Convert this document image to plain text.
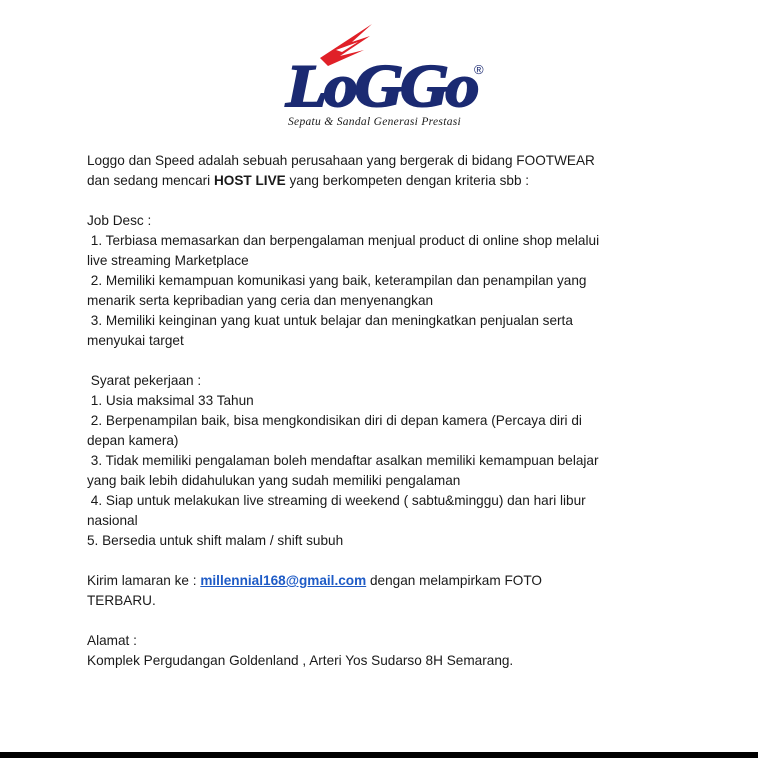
LoGGo
®
Sepatu & Sandal Generasi Prestasi
Loggo dan Speed adalah sebuah perusahaan yang bergerak di bidang FOOTWEAR
dan sedang mencari HOST LIVE yang berkompeten dengan kriteria sbb :
Job Desc :
1. Terbiasa memasarkan dan berpengalaman menjual product di online shop melalui
live streaming Marketplace
2. Memiliki kemampuan komunikasi yang baik, keterampilan dan penampilan yang
menarik serta kepribadian yang ceria dan menyenangkan
3. Memiliki keinginan yang kuat untuk belajar dan meningkatkan penjualan serta
menyukai target
Syarat pekerjaan :
1. Usia maksimal 33 Tahun
2. Berpenampilan baik, bisa mengkondisikan diri di depan kamera (Percaya diri di
depan kamera)
3. Tidak memiliki pengalaman boleh mendaftar asalkan memiliki kemampuan belajar
yang baik lebih didahulukan yang sudah memiliki pengalaman
4. Siap untuk melakukan live streaming di weekend ( sabtu&minggu) dan hari libur
nasional
5. Bersedia untuk shift malam / shift subuh
Kirim lamaran ke : millennial168@gmail.com dengan melampirkam FOTO
TERBARU.
Alamat :
Komplek Pergudangan Goldenland , Arteri Yos Sudarso 8H Semarang.
